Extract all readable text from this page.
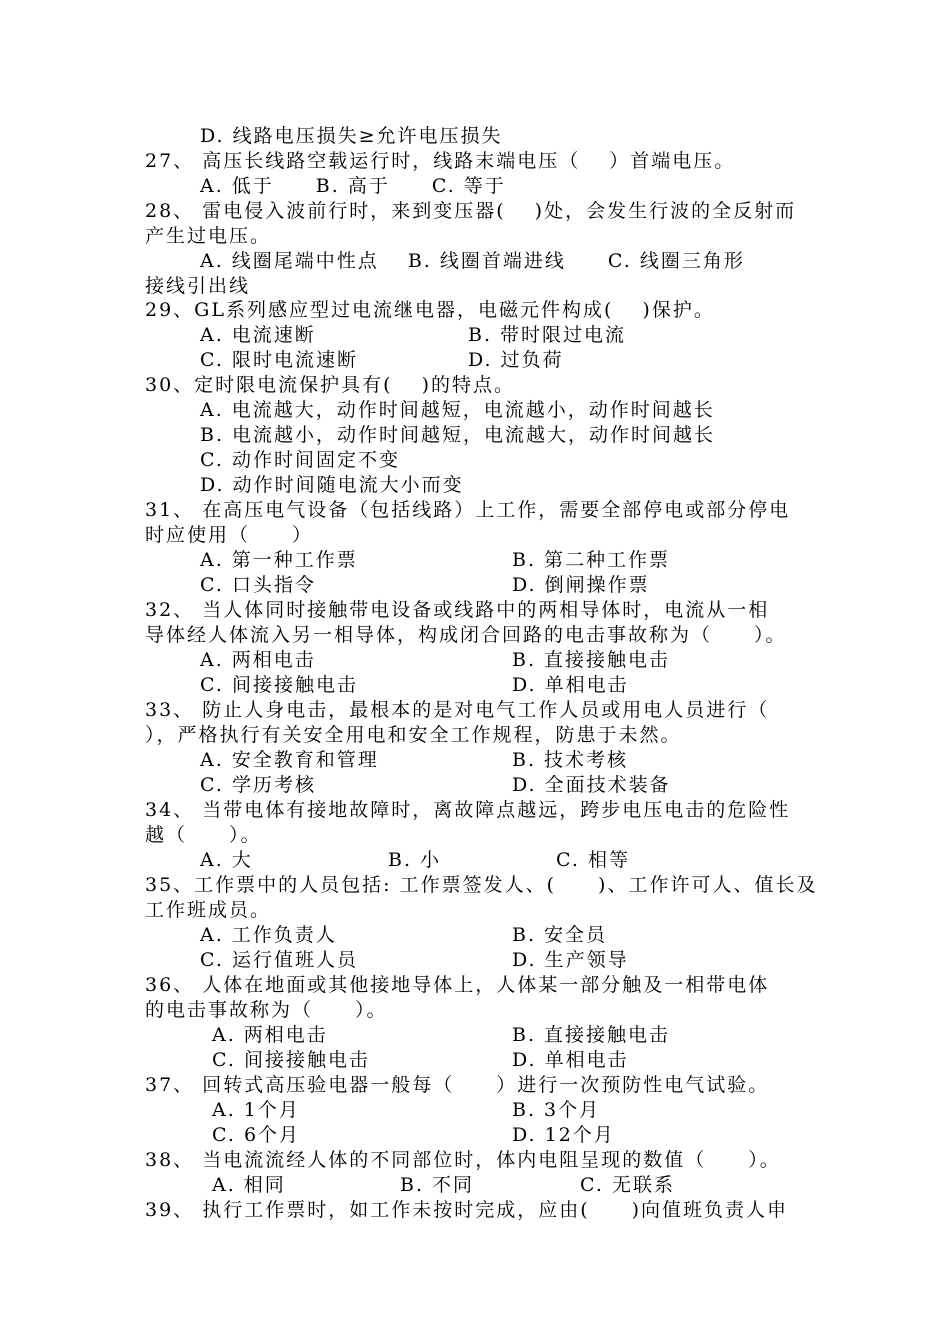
D. 线路电压损失≥允许电压损失
27、 高压长线路空载运行时，线路末端电压（　 ）首端电压。
A. 低于　　B. 高于　　C. 等于
28、 雷电侵入波前行时，来到变压器(　 )处，会发生行波的全反射而
产生过电压。
A. 线圈尾端中性点　 B. 线圈首端进线　　C. 线圈三角形
接线引出线
29、GL系列感应型过电流继电器，电磁元件构成(　 )保护。
A. 电流速断	B. 带时限过电流
C. 限时电流速断	D. 过负荷
30、定时限电流保护具有(　 )的特点。
A. 电流越大，动作时间越短，电流越小，动作时间越长
B. 电流越小，动作时间越短，电流越大，动作时间越长
C. 动作时间固定不变
D. 动作时间随电流大小而变
31、 在高压电气设备（包括线路）上工作，需要全部停电或部分停电
时应使用（　　）
A. 第一种工作票	B. 第二种工作票
C. 口头指令	D. 倒闸操作票
32、 当人体同时接触带电设备或线路中的两相导体时，电流从一相
导体经人体流入另一相导体，构成闭合回路的电击事故称为（　　）。
A. 两相电击	B. 直接接触电击
C. 间接接触电击	D. 单相电击
33、 防止人身电击，最根本的是对电气工作人员或用电人员进行（
），严格执行有关安全用电和安全工作规程，防患于未然。
A. 安全教育和管理	B. 技术考核
C. 学历考核	D. 全面技术装备
34、 当带电体有接地故障时，离故障点越远，跨步电压电击的危险性
越（　　）。
A. 大	B. 小	C. 相等
35、工作票中的人员包括: 工作票签发人、(　　)、工作许可人、值长及
工作班成员。
A. 工作负责人	B. 安全员
C. 运行值班人员	D. 生产领导
36、 人体在地面或其他接地导体上，人体某一部分触及一相带电体
的电击事故称为（　　）。
A. 两相电击	B. 直接接触电击
C. 间接接触电击	D. 单相电击
37、 回转式高压验电器一般每（　　）进行一次预防性电气试验。
A. 1个月	B. 3个月
C. 6个月	D. 12个月
38、 当电流流经人体的不同部位时，体内电阻呈现的数值（　　）。
A. 相同	B. 不同	C. 无联系
39、 执行工作票时，如工作未按时完成，应由(　　)向值班负责人申
